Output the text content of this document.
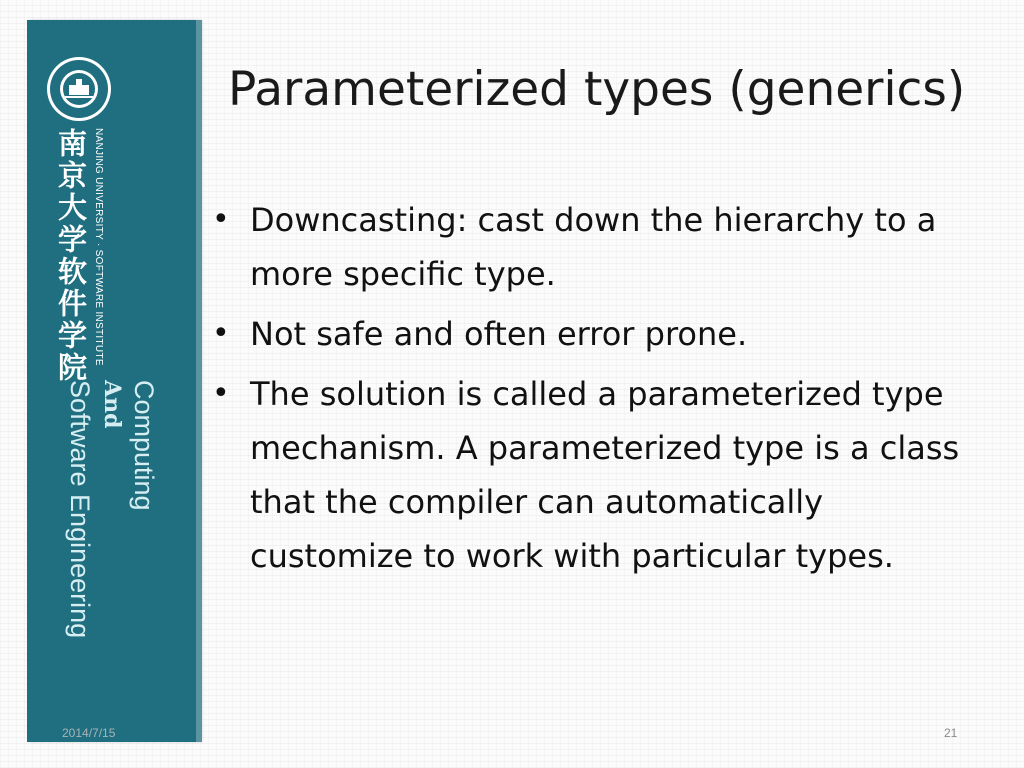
南京大学软件学院 NANJING UNIVERSITY · SOFTWARE INSTITUTE
Computing
And
Software Engineering
Parameterized types (generics)
• Downcasting: cast down the hierarchy to a more specific type.
• Not safe and often error prone.
• The solution is called a parameterized type mechanism. A parameterized type is a class that the compiler can automatically customize to work with particular types.
2014/7/15	21
